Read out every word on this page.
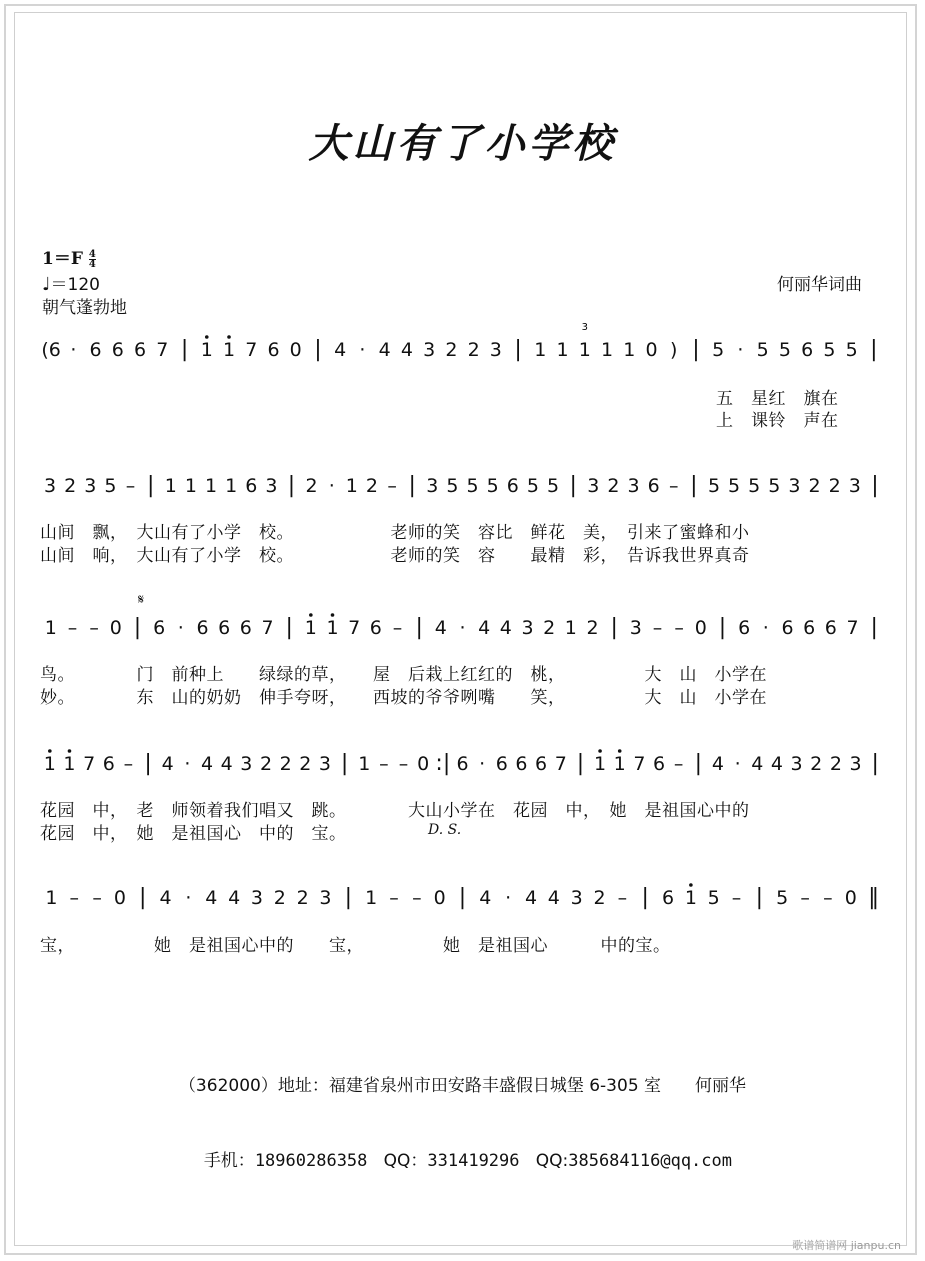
大山有了小学校
$1=F \frac{4}{4}$
♩＝120
朝气蓬勃地
何丽华词曲
(6 · 6 6 6 7 | 1 1 7 6 0 | 4 · 4 4 3 2 2 3 | 1 1 1 1 1 0 ) | 5 · 5 5 6 5 5 |
3
五　星红　旗在
上　课铃　声在
3 2 3 5 – | 1 1 1 1 6 3 | 2 · 1 2 – | 3 5 5 5 6 5 5 | 3 2 3 6 – | 5 5 5 5 3 2 2 3 |
山间　飘，　大山有了小学　校。　　　　　　老师的笑　容比　鲜花　美，　引来了蜜蜂和小
山间　响，　大山有了小学　校。　　　　　　老师的笑　容　　最精　彩，　告诉我世界真奇
𝄋
1 – – 0 | 6 · 6 6 6 7 | 1 1 7 6 – | 4 · 4 4 3 2 1 2 | 3 – – 0 | 6 · 6 6 6 7 |
鸟。　　　　门　前种上　　绿绿的草，　　屋　后栽上红红的　桃，　　　　　大　山　小学在
妙。　　　　东　山的奶奶　伸手夸呀，　　西坡的爷爷咧嘴　　笑，　　　　　大　山　小学在
1 1 7 6 – | 4 · 4 4 3 2 2 2 3 | 1 – – 0 :| 6 · 6 6 6 7 | 1 1 7 6 – | 4 · 4 4 3 2 2 3 |
花园　中，　老　师领着我们唱又　跳。　　　　大山小学在　花园　中，　她　是祖国心中的
花园　中，　她　是祖国心　中的　宝。	D. S.
1 – – 0 | 4 · 4 4 3 2 2 3 | 1 – – 0 | 4 · 4 4 3 2 – | 6 1 5 – | 5 – – 0 ‖
宝，　　　　　她　是祖国心中的　　宝，　　　　　她　是祖国心　　　中的宝。
（362000）地址：福建省泉州市田安路丰盛假日城堡 6-305 室　　何丽华

手机：18960286358 QQ：331419296 QQ:385684116@qq.com

歌谱简谱网 jianpu.cn
